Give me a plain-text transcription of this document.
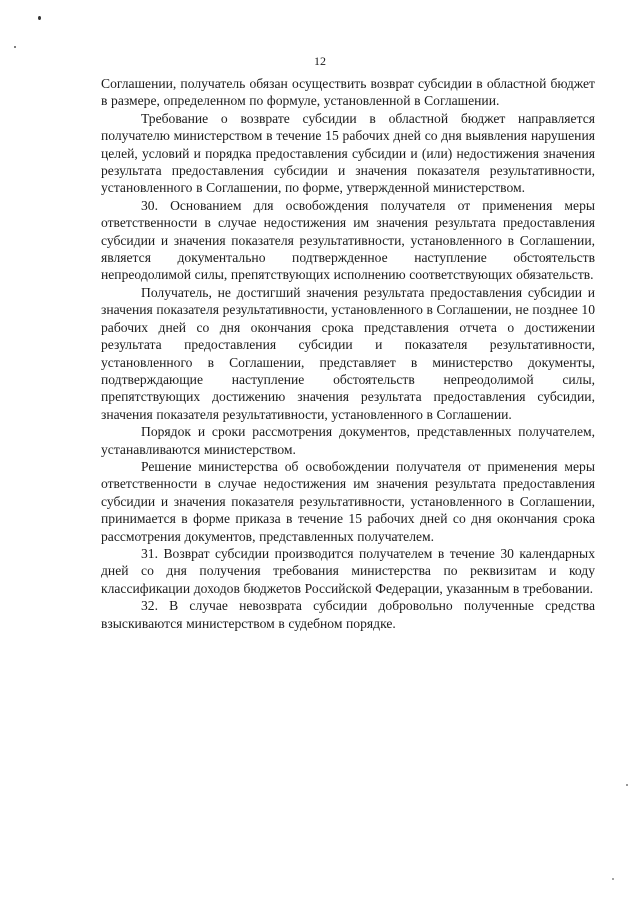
12

Соглашении, получатель обязан осуществить возврат субсидии в областной бюджет в размере, определенном по формуле, установленной в Соглашении.

Требование о возврате субсидии в областной бюджет направляется получателю министерством в течение 15 рабочих дней со дня выявления нарушения целей, условий и порядка предоставления субсидии и (или) недостижения значения результата предоставления субсидии и значения показателя результативности, установленного в Соглашении, по форме, утвержденной министерством.

30. Основанием для освобождения получателя от применения меры ответственности в случае недостижения им значения результата предоставления субсидии и значения показателя результативности, установленного в Соглашении, является документально подтвержденное наступление обстоятельств непреодолимой силы, препятствующих исполнению соответствующих обязательств.

Получатель, не достигший значения результата предоставления субсидии и значения показателя результативности, установленного в Соглашении, не позднее 10 рабочих дней со дня окончания срока представления отчета о достижении результата предоставления субсидии и показателя результативности, установленного в Соглашении, представляет в министерство документы, подтверждающие наступление обстоятельств непреодолимой силы, препятствующих достижению значения результата предоставления субсидии, значения показателя результативности, установленного в Соглашении.

Порядок и сроки рассмотрения документов, представленных получателем, устанавливаются министерством.

Решение министерства об освобождении получателя от применения меры ответственности в случае недостижения им значения результата предоставления субсидии и значения показателя результативности, установленного в Соглашении, принимается в форме приказа в течение 15 рабочих дней со дня окончания срока рассмотрения документов, представленных получателем.

31. Возврат субсидии производится получателем в течение 30 календарных дней со дня получения требования министерства по реквизитам и коду классификации доходов бюджетов Российской Федерации, указанным в требовании.

32. В случае невозврата субсидии добровольно полученные средства взыскиваются министерством в судебном порядке.
